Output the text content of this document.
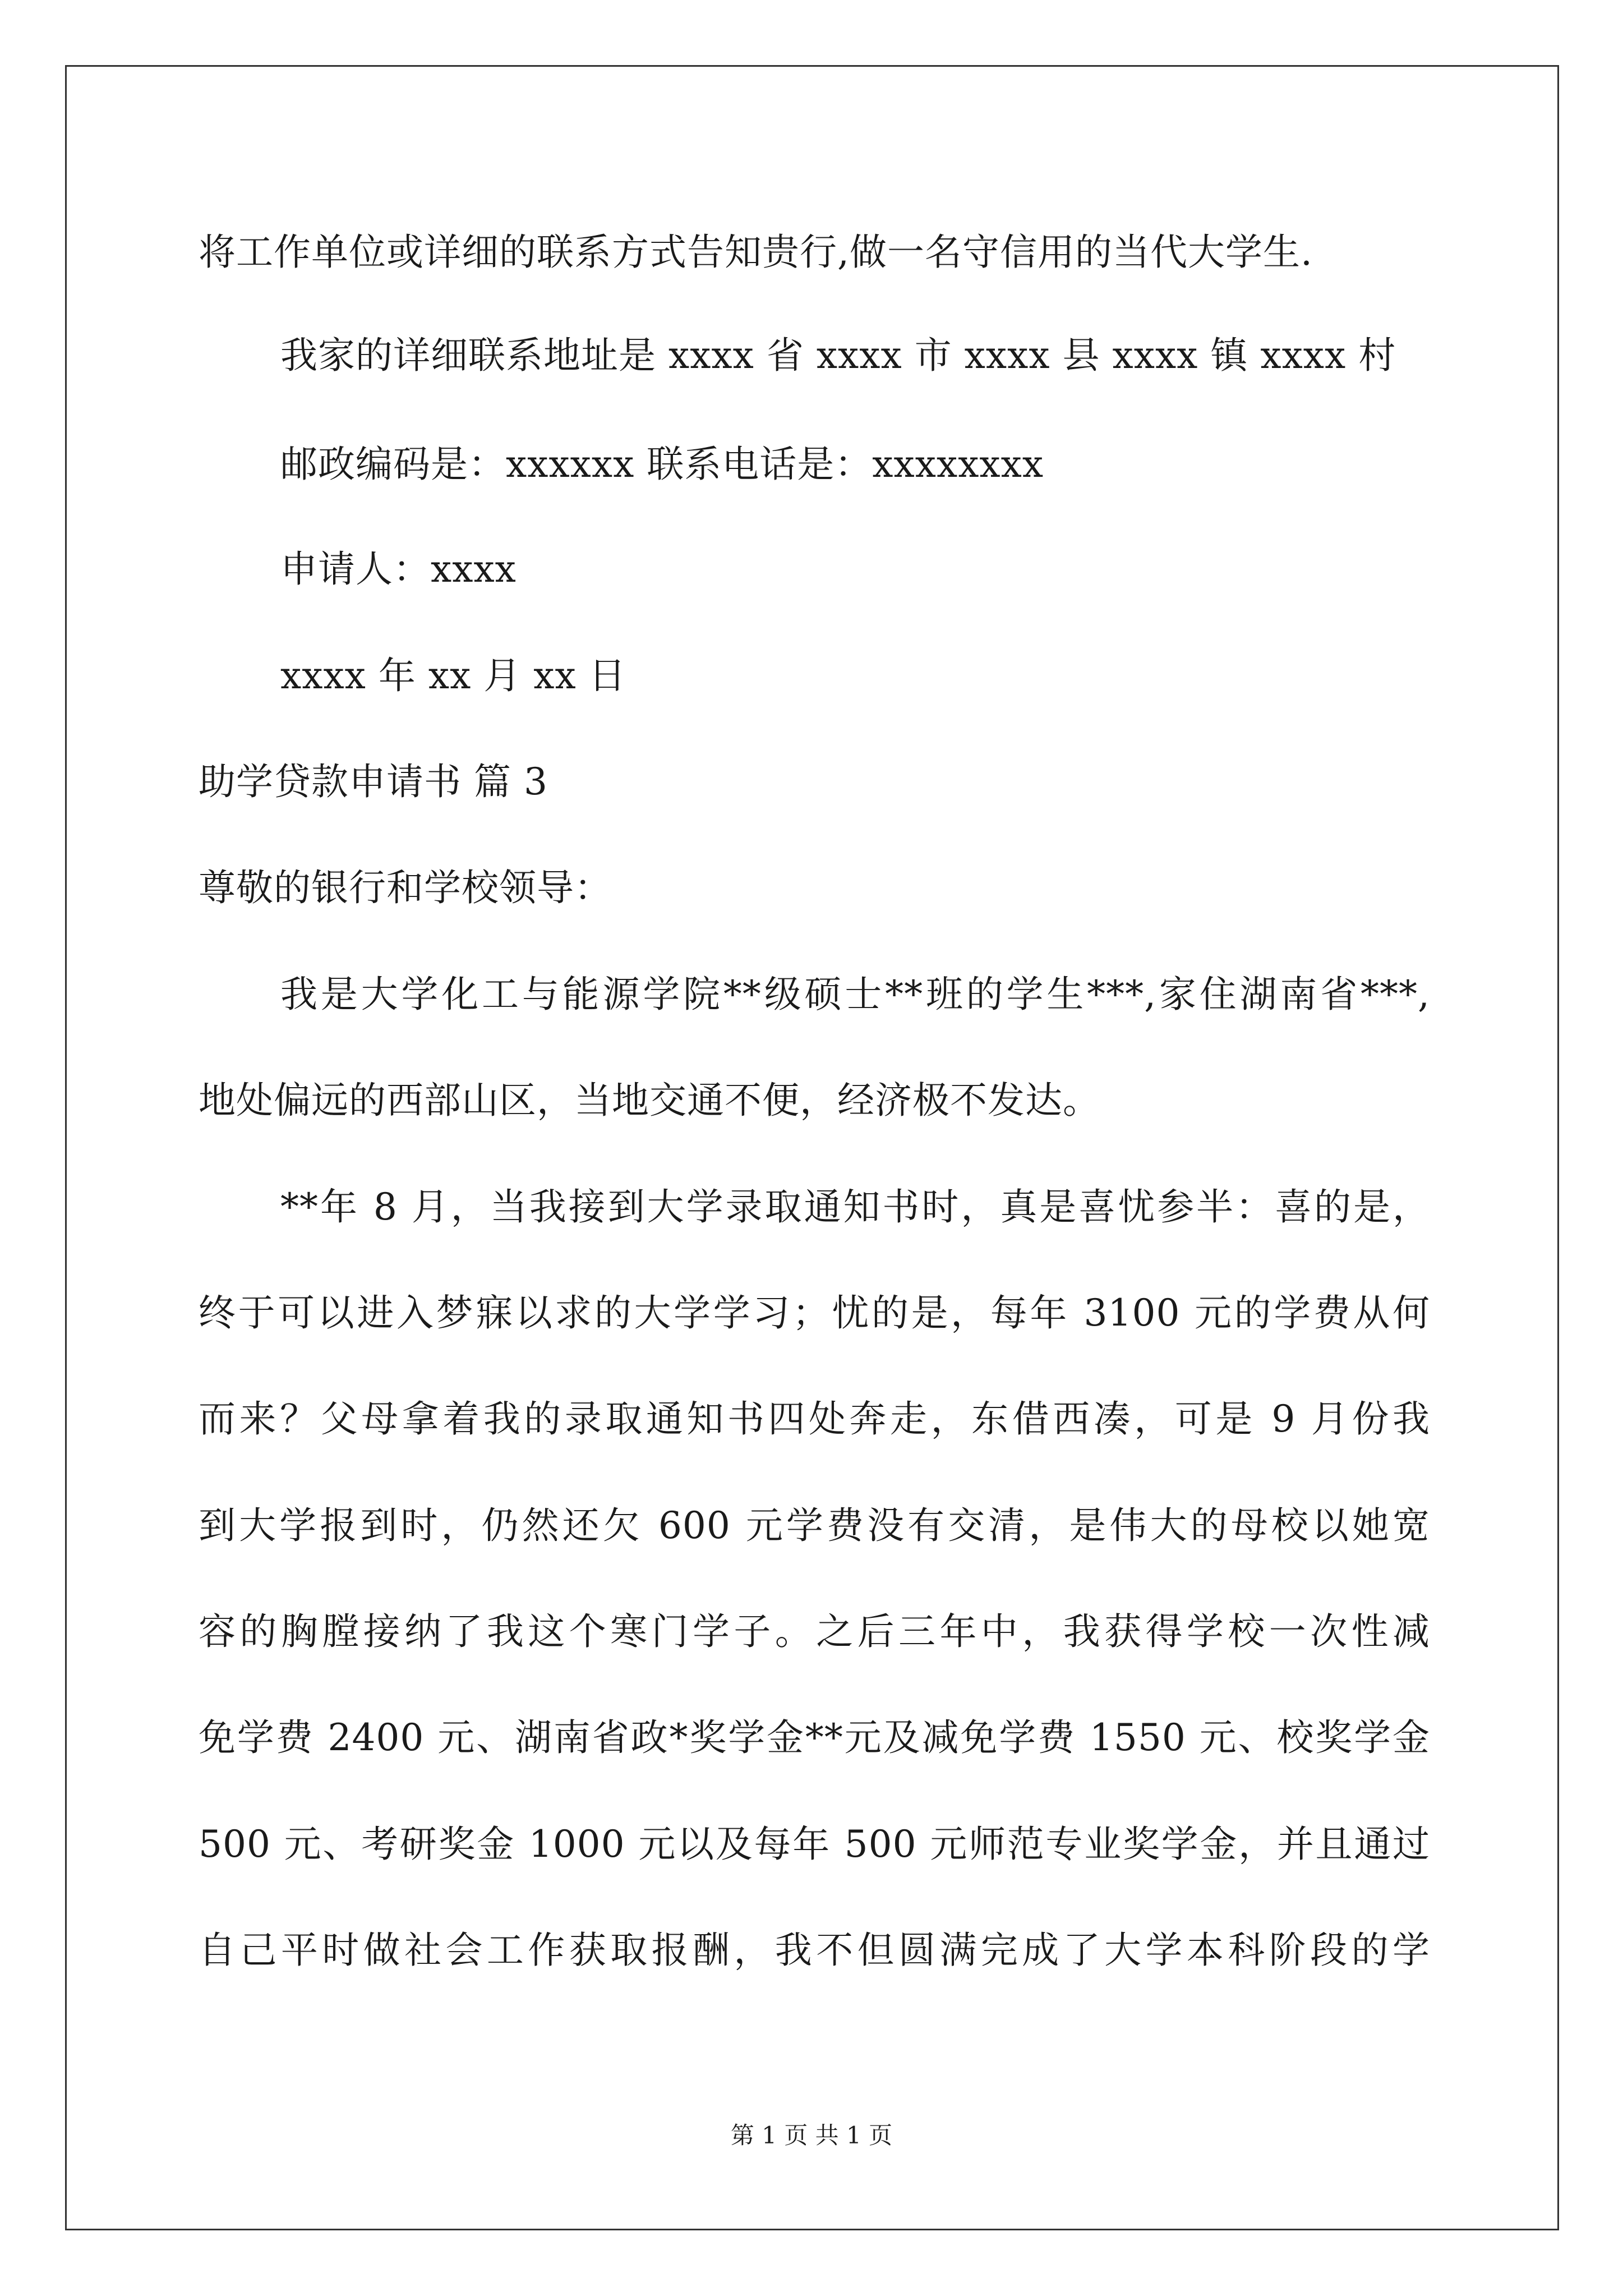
将工作单位或详细的联系方式告知贵行,做一名守信用的当代大学生.
我家的详细联系地址是 xxxx 省 xxxx 市 xxxx 县 xxxx 镇 xxxx 村
邮政编码是：xxxxxx 联系电话是：xxxxxxxx
申请人：xxxx
xxxx 年 xx 月 xx 日
助学贷款申请书 篇 3
尊敬的银行和学校领导：
我是大学化工与能源学院**级硕士**班的学生***,家住湖南省***,
地处偏远的西部山区，当地交通不便，经济极不发达。
**年 8 月，当我接到大学录取通知书时，真是喜忧参半：喜的是，
终于可以进入梦寐以求的大学学习；忧的是，每年 3100 元的学费从何
而来？父母拿着我的录取通知书四处奔走，东借西凑，可是 9 月份我
到大学报到时，仍然还欠 600 元学费没有交清，是伟大的母校以她宽
容的胸膛接纳了我这个寒门学子。之后三年中，我获得学校一次性减
免学费 2400 元、湖南省政*奖学金**元及减免学费 1550 元、校奖学金
500 元、考研奖金 1000 元以及每年 500 元师范专业奖学金，并且通过
自己平时做社会工作获取报酬，我不但圆满完成了大学本科阶段的学
第 1 页 共 1 页
